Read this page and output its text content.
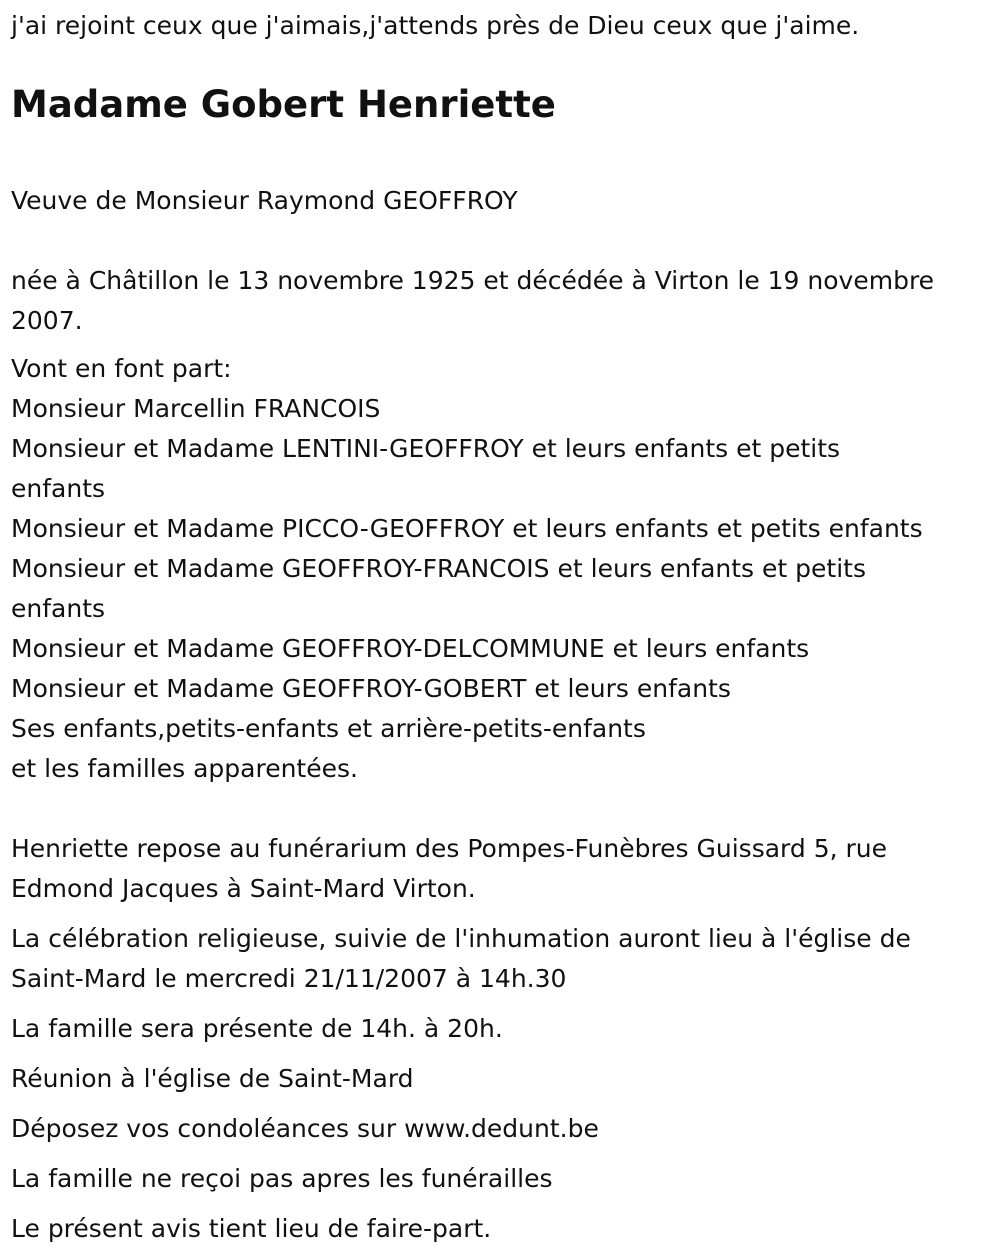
j'ai rejoint ceux que j'aimais,j'attends près de Dieu ceux que j'aime.

Madame Gobert Henriette

Veuve de Monsieur Raymond GEOFFROY

née à Châtillon le 13 novembre 1925 et décédée à Virton le 19 novembre 2007.

Vont en font part:

Monsieur Marcellin FRANCOIS

Monsieur et Madame LENTINI-GEOFFROY et leurs enfants et petits enfants

Monsieur et Madame PICCO-GEOFFROY et leurs enfants et petits enfants

Monsieur et Madame GEOFFROY-FRANCOIS et leurs enfants et petits enfants

Monsieur et Madame GEOFFROY-DELCOMMUNE et leurs enfants

Monsieur et Madame GEOFFROY-GOBERT et leurs enfants

Ses enfants,petits-enfants et arrière-petits-enfants

et les familles apparentées.

Henriette repose au funérarium des Pompes-Funèbres Guissard 5, rue Edmond Jacques à Saint-Mard Virton.

La célébration religieuse, suivie de l'inhumation auront lieu à l'église de Saint-Mard le mercredi 21/11/2007 à 14h.30

La famille sera présente de 14h. à 20h.

Réunion à l'église de Saint-Mard

Déposez vos condoléances sur www.dedunt.be

La famille ne reçoi pas apres les funérailles

Le présent avis tient lieu de faire-part.
